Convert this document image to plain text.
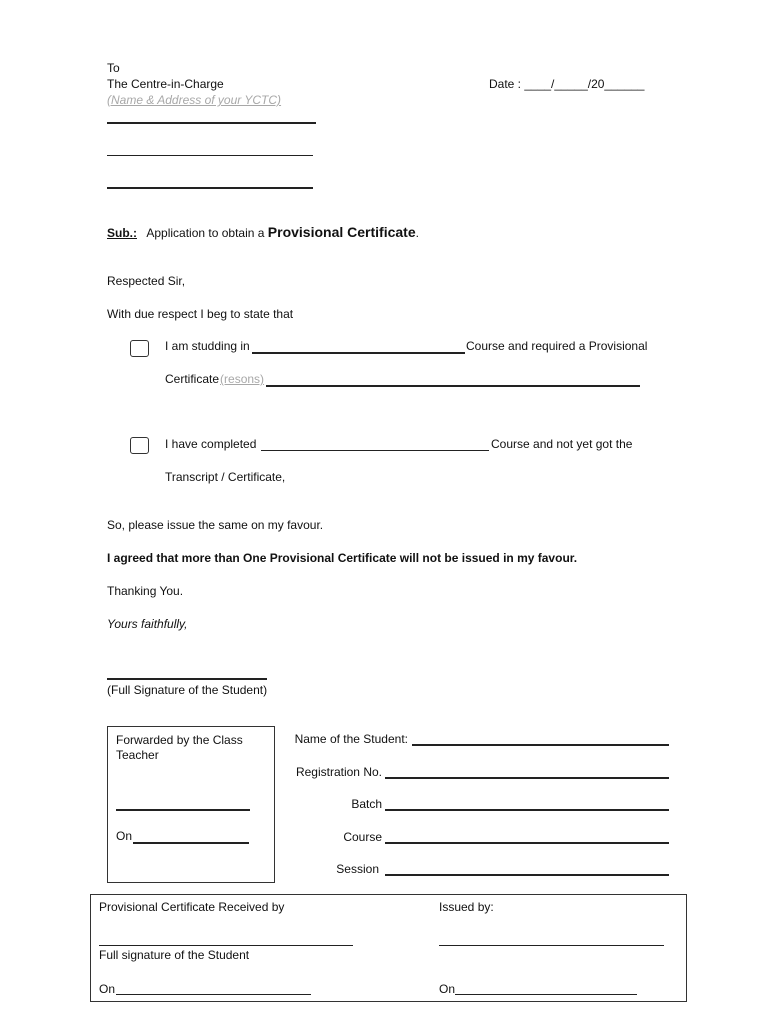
To
The Centre-in-Charge
(Name & Address of your YCTC)
Date : ____/_____/20______
Sub.: Application to obtain a Provisional Certificate.
Respected Sir,
With due respect I beg to state that
I am studding in	Course and required a Provisional
Certificate(resons)
I have completed	Course and not yet got the
Transcript / Certificate,
So, please issue the same on my favour.
I agreed that more than One Provisional Certificate will not be issued in my favour.
Thanking You.
Yours faithfully,
(Full Signature of the Student)
Forwarded by the Class
Teacher
On
Name of the Student:
Registration No.
Batch
Course
Session
Provisional Certificate Received by	Issued by:
Full signature of the Student
On	On
